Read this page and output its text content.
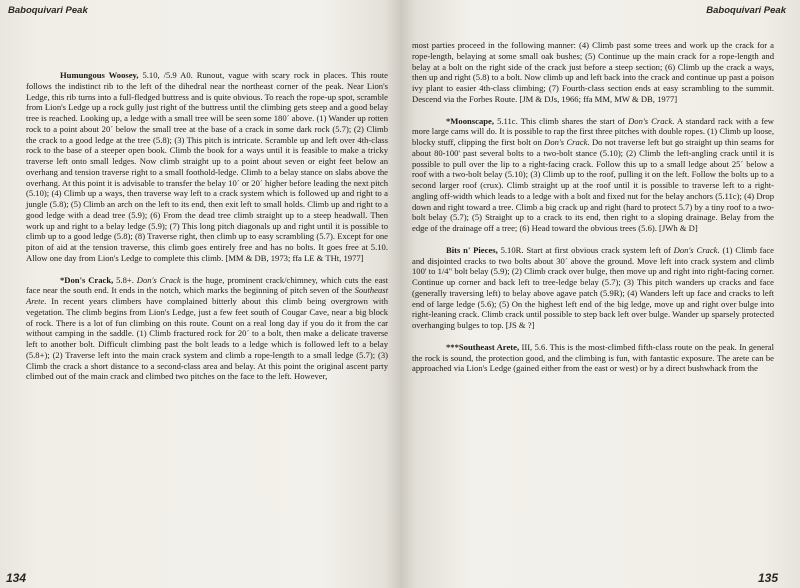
Baboquivari Peak

Humungous Woosey, 5.10, /5.9 A0. Runout, vague with scary rock in places. This route follows the indistinct rib to the left of the dihedral near the northeast corner of the peak. Near Lion's Ledge, this rib turns into a full-fledged buttress and is quite obvious. To reach the rope-up spot, scramble from Lion's Ledge up a rock gully just right of the buttress until the climbing gets steep and a good belay tree is reached. Looking up, a ledge with a small tree will be seen some 180´ above. (1) Wander up rotten rock to a point about 20´ below the small tree at the base of a crack in some dark rock (5.7); (2) Climb the crack to a good ledge at the tree (5.8); (3) This pitch is intricate. Scramble up and left over 4th-class rock to the base of a steeper open book. Climb the book for a ways until it is feasible to make a tricky traverse left onto small ledges. Now climb straight up to a point about seven or eight feet below an overhang and tension traverse right to a small foothold-ledge. Climb to a belay stance on slabs above the overhang. At this point it is advisable to transfer the belay 10´ or 20´ higher before leading the next pitch (5.10); (4) Climb up a ways, then traverse way left to a crack system which is followed up and right to a jungle (5.8); (5) Climb an arch on the left to its end, then exit left to small holds. Climb up and right to a good ledge with a dead tree (5.9); (6) From the dead tree climb straight up to a steep headwall. Then work up and right to a belay ledge (5.9); (7) This long pitch diagonals up and right until it is possible to climb up to a good ledge (5.8); (8) Traverse right, then climb up to easy scrambling (5.7). Except for one piton of aid at the tension traverse, this climb goes entirely free and has no bolts. It goes free at 5.10. Allow one day from Lion's Ledge to complete this climb. [MM & DB, 1973; ffa LE & THt, 1977]

*Don's Crack, 5.8+. Don's Crack is the huge, prominent crack/chimney, which cuts the east face near the south end. It ends in the notch, which marks the beginning of pitch seven of the Southeast Arete. In recent years climbers have complained bitterly about this climb being overgrown with vegetation. The climb begins from Lion's Ledge, just a few feet south of Cougar Cave, near a big block of rock. There is a lot of fun climbing on this route. Count on a real long day if you do it from the car without camping in the saddle. (1) Climb fractured rock for 20´ to a bolt, then make a delicate traverse left to another bolt. Difficult climbing past the bolt leads to a ledge which is followed left to a belay (5.8+); (2) Traverse left into the main crack system and climb a rope-length to a small ledge (5.7); (3) Climb the crack a short distance to a second-class area and belay. At this point the original ascent party climbed out of the main crack and climbed two pitches on the face to the left. However,

134
Baboquivari Peak

most parties proceed in the following manner: (4) Climb past some trees and work up the crack for a rope-length, belaying at some small oak bushes; (5) Continue up the main crack for a rope-length and belay at a bolt on the right side of the crack just before a steep section; (6) Climb up the crack a ways, then up and right (5.8) to a bolt. Now climb up and left back into the crack and continue up past a poison ivy plant to easier 4th-class climbing; (7) Fourth-class section ends at easy scrambling to the summit. Descend via the Forbes Route. [JM & DJs, 1966; ffa MM, MW & DB, 1977]

*Moonscape, 5.11c. This climb shares the start of Don's Crack. A standard rack with a few more large cams will do. It is possible to rap the first three pitches with double ropes. (1) Climb up loose, blocky stuff, clipping the first bolt on Don's Crack. Do not traverse left but go straight up thin seams for about 80-100' past several bolts to a two-bolt stance (5.10); (2) Climb the left-angling crack until it is possible to pull over the lip to a right-facing crack. Follow this up to a small ledge about 25´ below a roof with a two-bolt belay (5.10); (3) Climb up to the roof, pulling it on the left. Follow the bolts up to a second larger roof (crux). Climb straight up at the roof until it is possible to traverse left to a right-angling off-width which leads to a ledge with a bolt and fixed nut for the belay anchors (5.11c); (4) Drop down and right toward a tree. Climb a big crack up and right (hard to protect 5.7) by a tiny roof to a two-bolt belay (5.7); (5) Straight up to a crack to its end, then right to a sloping drainage. Belay from the edge of the drainage off a tree; (6) Head toward the obvious trees (5.6). [JWh & D]

Bits n' Pieces, 5.10R. Start at first obvious crack system left of Don's Crack. (1) Climb face and disjointed cracks to two bolts about 30´ above the ground. Move left into crack system and climb 100' to 1/4" bolt belay (5.9); (2) Climb crack over bulge, then move up and right into right-facing corner. Continue up corner and back left to tree-ledge belay (5.7); (3) This pitch wanders up cracks and face (generally traversing left) to belay above agave patch (5.9R); (4) Wanders left up face and cracks to left end of large ledge (5.6); (5) On the highest left end of the big ledge, move up and right over bulge into right-leaning crack. Climb crack until possible to step back left over bulge. Wander up sparsely protected overhanging bulges to top. [JS & ?]

***Southeast Arete, III, 5.6. This is the most-climbed fifth-class route on the peak. In general the rock is sound, the protection good, and the climbing is fun, with fantastic exposure. The arete can be approached via Lion's Ledge (gained either from the east or west) or by a direct bushwhack from the

135
